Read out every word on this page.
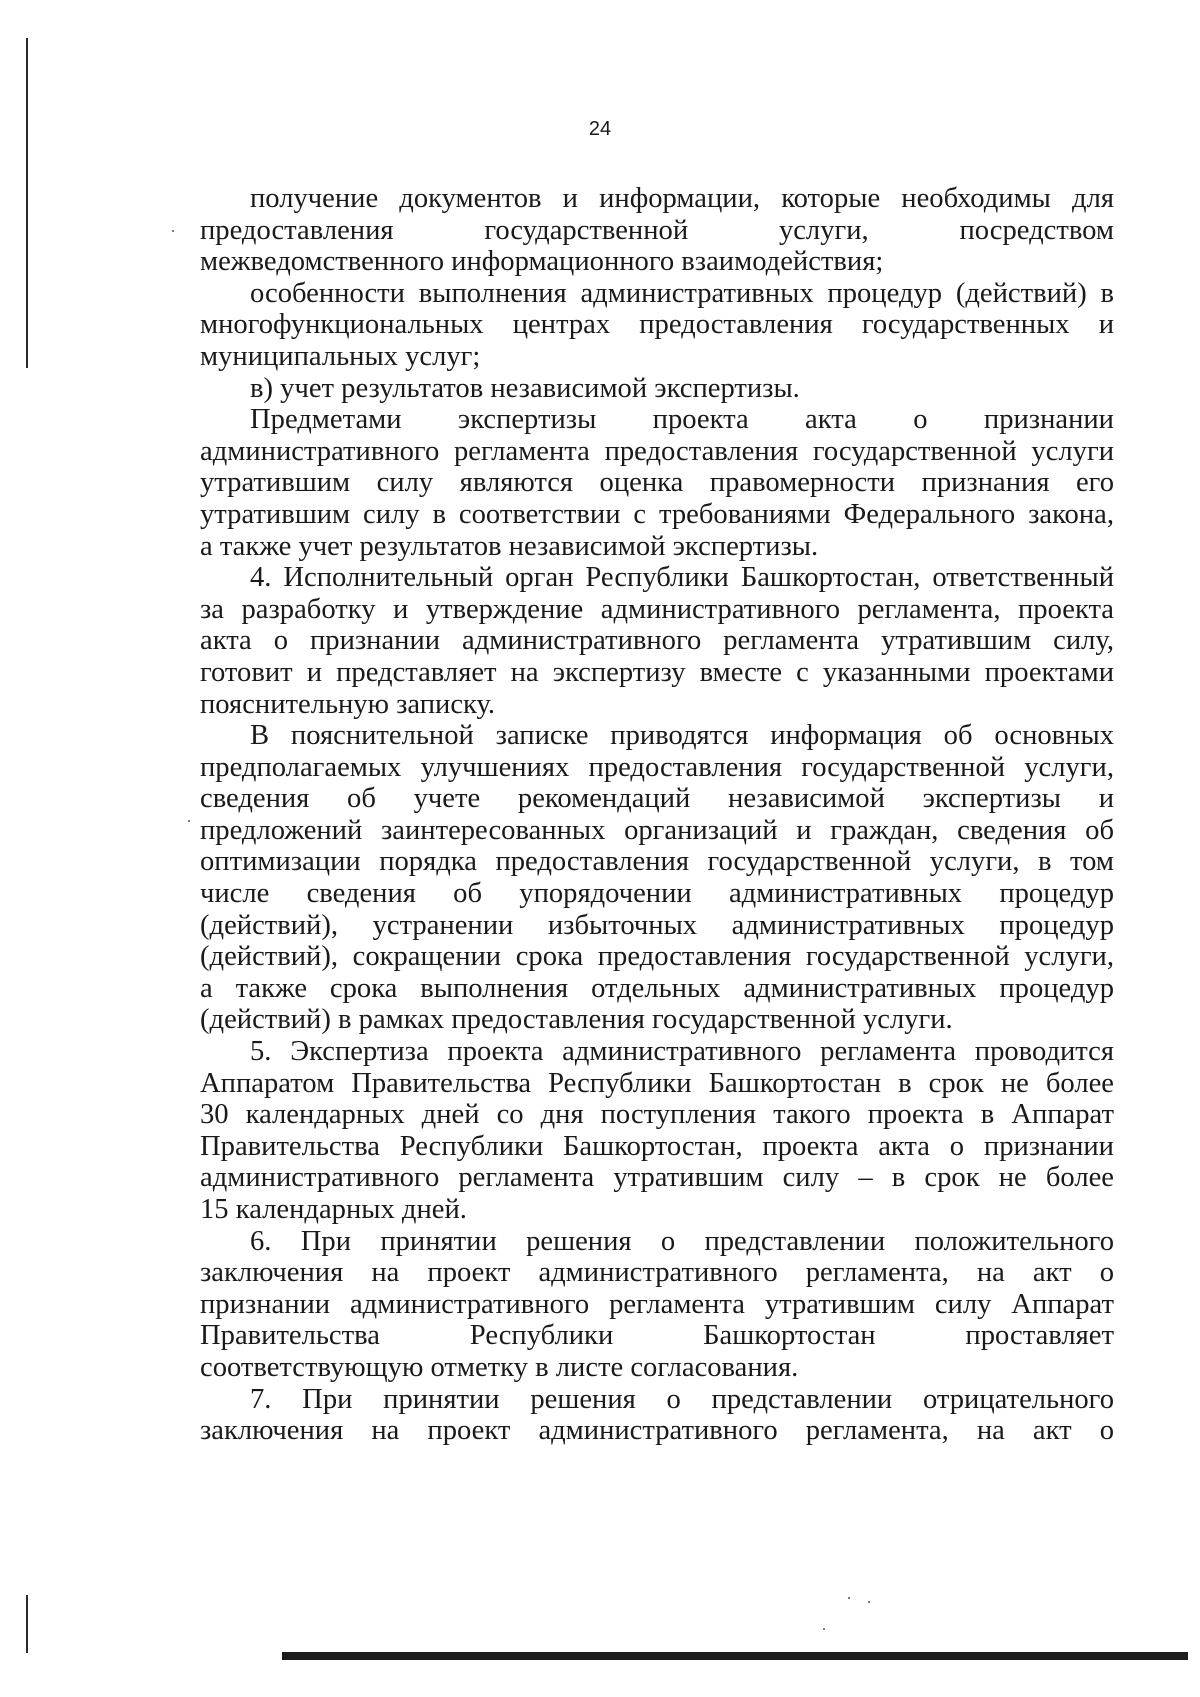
24
получение документов и информации, которые необходимы для
предоставления государственной услуги, посредством
межведомственного информационного взаимодействия;
особенности выполнения административных процедур (действий) в
многофункциональных центрах предоставления государственных и
муниципальных услуг;
в) учет результатов независимой экспертизы.
Предметами экспертизы проекта акта о признании
административного регламента предоставления государственной услуги
утратившим силу являются оценка правомерности признания его
утратившим силу в соответствии с требованиями Федерального закона,
а также учет результатов независимой экспертизы.
4. Исполнительный орган Республики Башкортостан, ответственный
за разработку и утверждение административного регламента, проекта
акта о признании административного регламента утратившим силу,
готовит и представляет на экспертизу вместе с указанными проектами
пояснительную записку.
В пояснительной записке приводятся информация об основных
предполагаемых улучшениях предоставления государственной услуги,
сведения об учете рекомендаций независимой экспертизы и
предложений заинтересованных организаций и граждан, сведения об
оптимизации порядка предоставления государственной услуги, в том
числе сведения об упорядочении административных процедур
(действий), устранении избыточных административных процедур
(действий), сокращении срока предоставления государственной услуги,
а также срока выполнения отдельных административных процедур
(действий) в рамках предоставления государственной услуги.
5. Экспертиза проекта административного регламента проводится
Аппаратом Правительства Республики Башкортостан в срок не более
30 календарных дней со дня поступления такого проекта в Аппарат
Правительства Республики Башкортостан, проекта акта о признании
административного регламента утратившим силу – в срок не более
15 календарных дней.
6. При принятии решения о представлении положительного
заключения на проект административного регламента, на акт о
признании административного регламента утратившим силу Аппарат
Правительства Республики Башкортостан проставляет
соответствующую отметку в листе согласования.
7. При принятии решения о представлении отрицательного
заключения на проект административного регламента, на акт о
